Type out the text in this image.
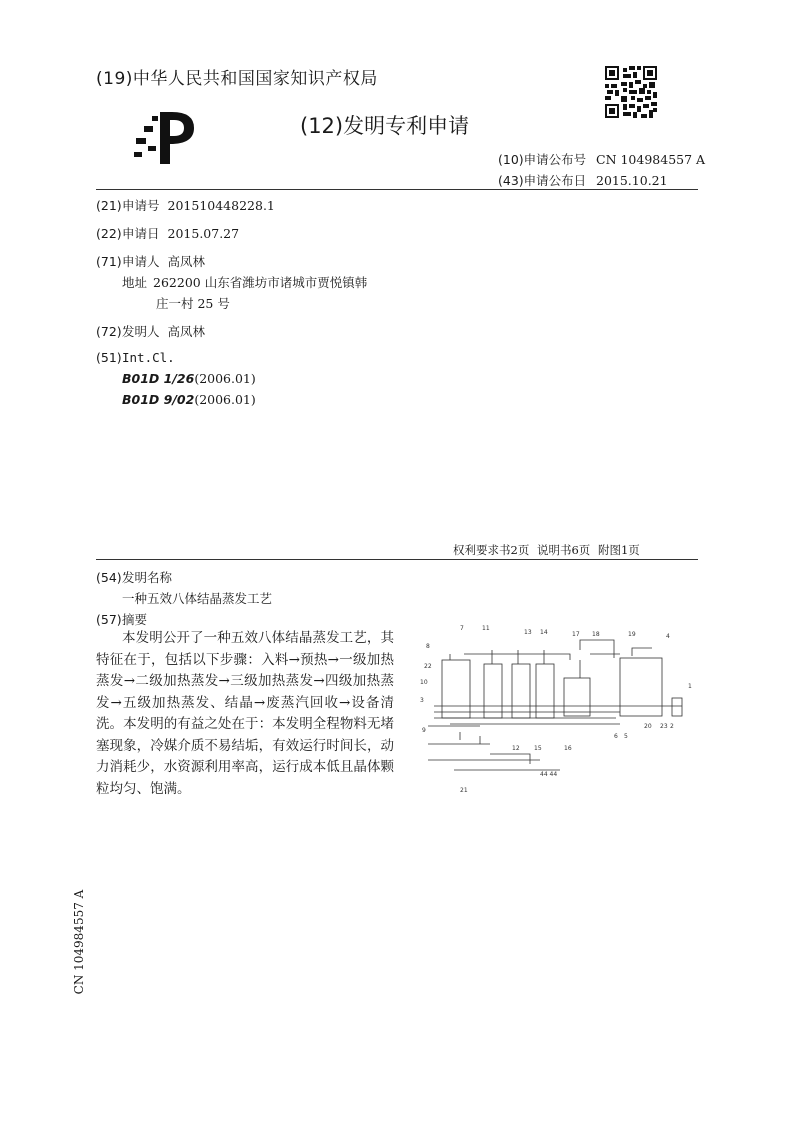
(19)中华人民共和国国家知识产权局
(12)发明专利申请
(10)申请公布号 CN 104984557 A
(43)申请公布日 2015.10.21
(21)申请号 201510448228.1
(22)申请日 2015.07.27
(71)申请人 高凤林
地址 262200 山东省潍坊市诸城市贾悦镇韩
庄一村 25 号
(72)发明人 高凤林
(51)Int.Cl.
B01D 1/26(2006.01)
B01D 9/02(2006.01)
权利要求书2页 说明书6页 附图1页
(54)发明名称
一种五效八体结晶蒸发工艺
(57)摘要
本发明公开了一种五效八体结晶蒸发工艺，其特征在于，包括以下步骤：入料→预热→一级加热蒸发→二级加热蒸发→三级加热蒸发→四级加热蒸发→五级加热蒸发、结晶→废蒸汽回收→设备清洗。本发明的有益之处在于：本发明全程物料无堵塞现象，冷媒介质不易结垢，有效运行时间长，动力消耗少，水资源利用率高，运行成本低且晶体颗粒均匀、饱满。
8
7	11
13 14	17 18	19	4
22
10
3
9
12 15	16
6 5
20 23 2
1
21
44 44
CN 104984557 A
